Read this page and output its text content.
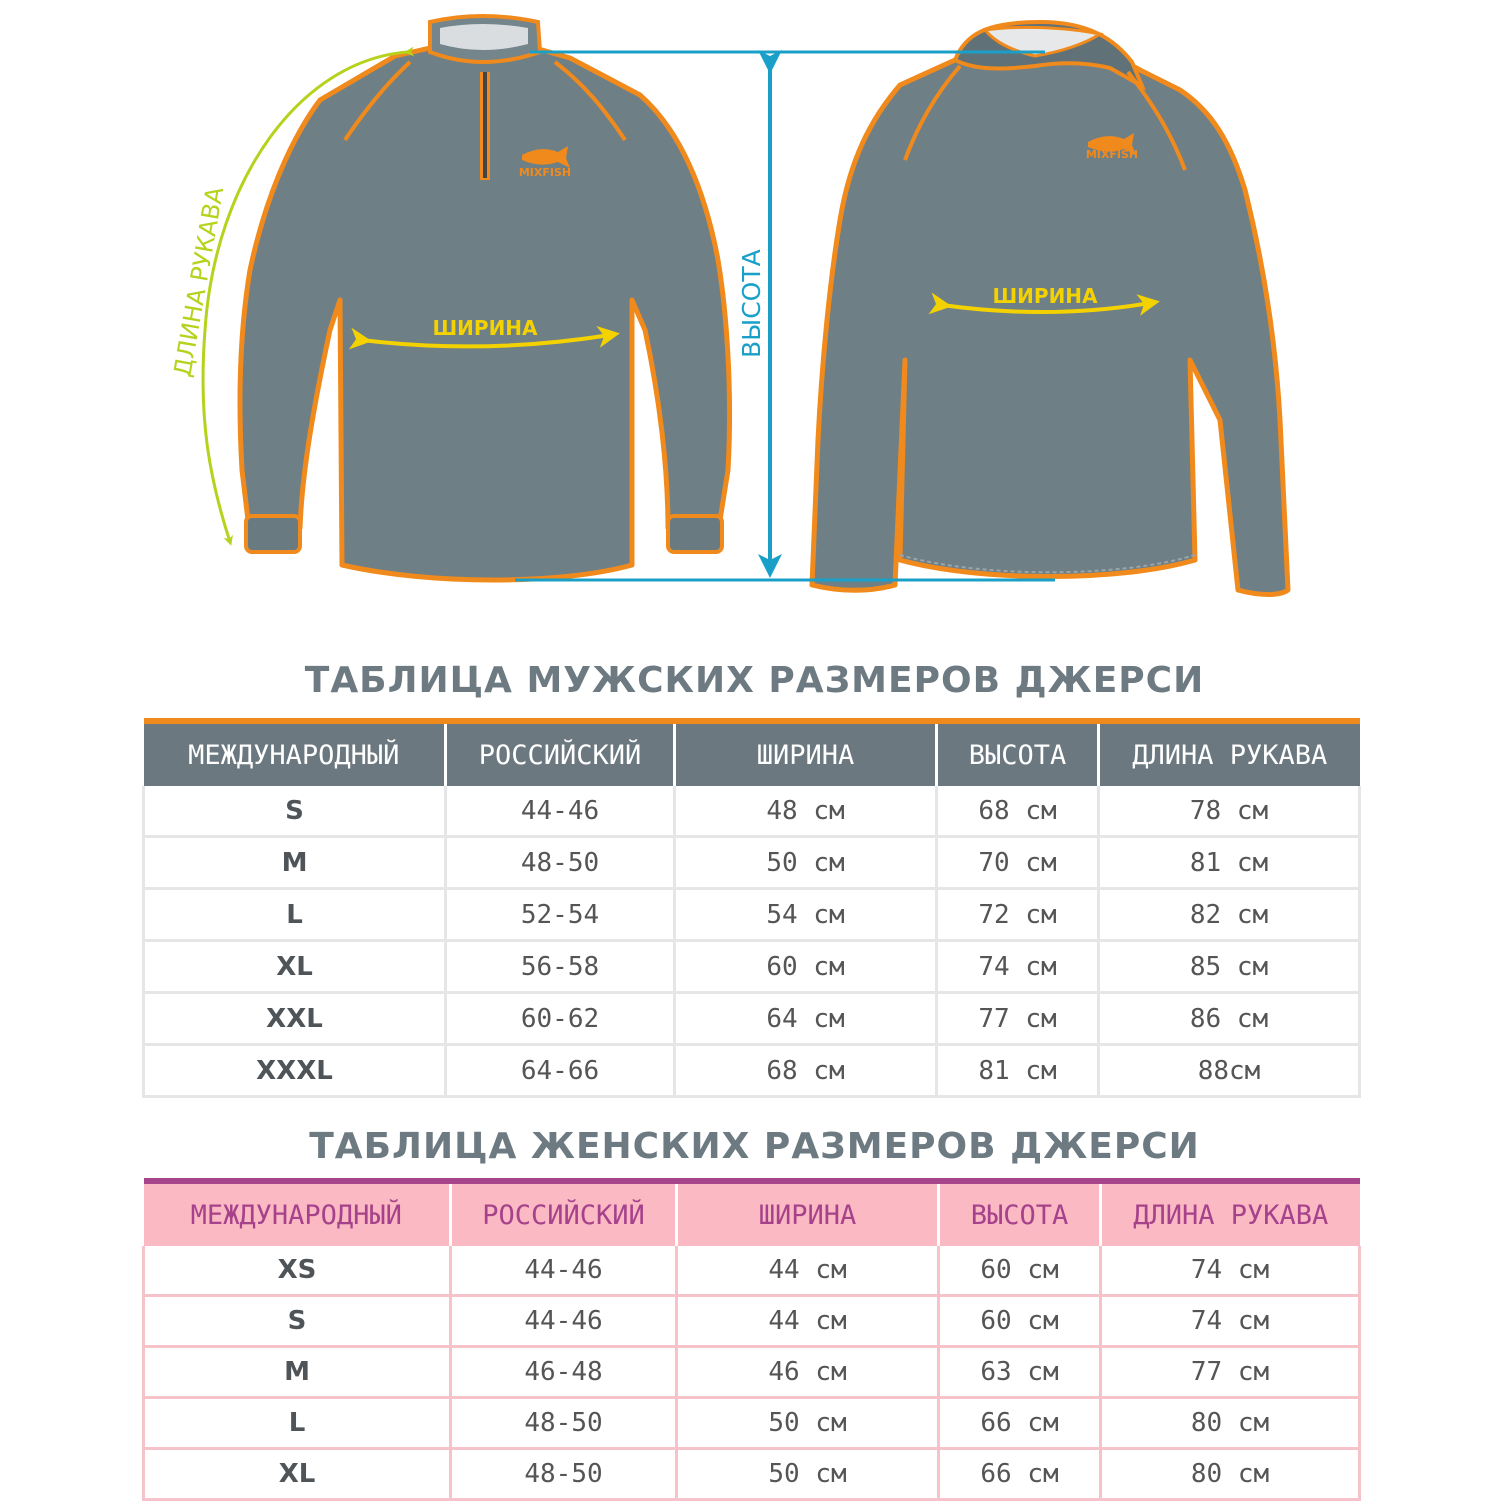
MIXFISH
MIXFISH
ДЛИНА РУКАВА	ВЫСОТА
ШИРИНА
ШИРИНА
ТАБЛИЦА МУЖСКИХ РАЗМЕРОВ ДЖЕРСИ
МЕЖДУНАРОДНЫЙ	РОССИЙСКИЙ	ШИРИНА	ВЫСОТА	ДЛИНА РУКАВА
S	44-46	48 см	68 см	78 см
M	48-50	50 см	70 см	81 см
L	52-54	54 см	72 см	82 см
XL	56-58	60 см	74 см	85 см
XXL	60-62	64 см	77 см	86 см
XXXL	64-66	68 см	81 см	88см
ТАБЛИЦА ЖЕНСКИХ РАЗМЕРОВ ДЖЕРСИ
МЕЖДУНАРОДНЫЙ	РОССИЙСКИЙ	ШИРИНА	ВЫСОТА	ДЛИНА РУКАВА
XS	44-46	44 см	60 см	74 см
S	44-46	44 см	60 см	74 см
M	46-48	46 см	63 см	77 см
L	48-50	50 см	66 см	80 см
XL	48-50	50 см	66 см	80 см
